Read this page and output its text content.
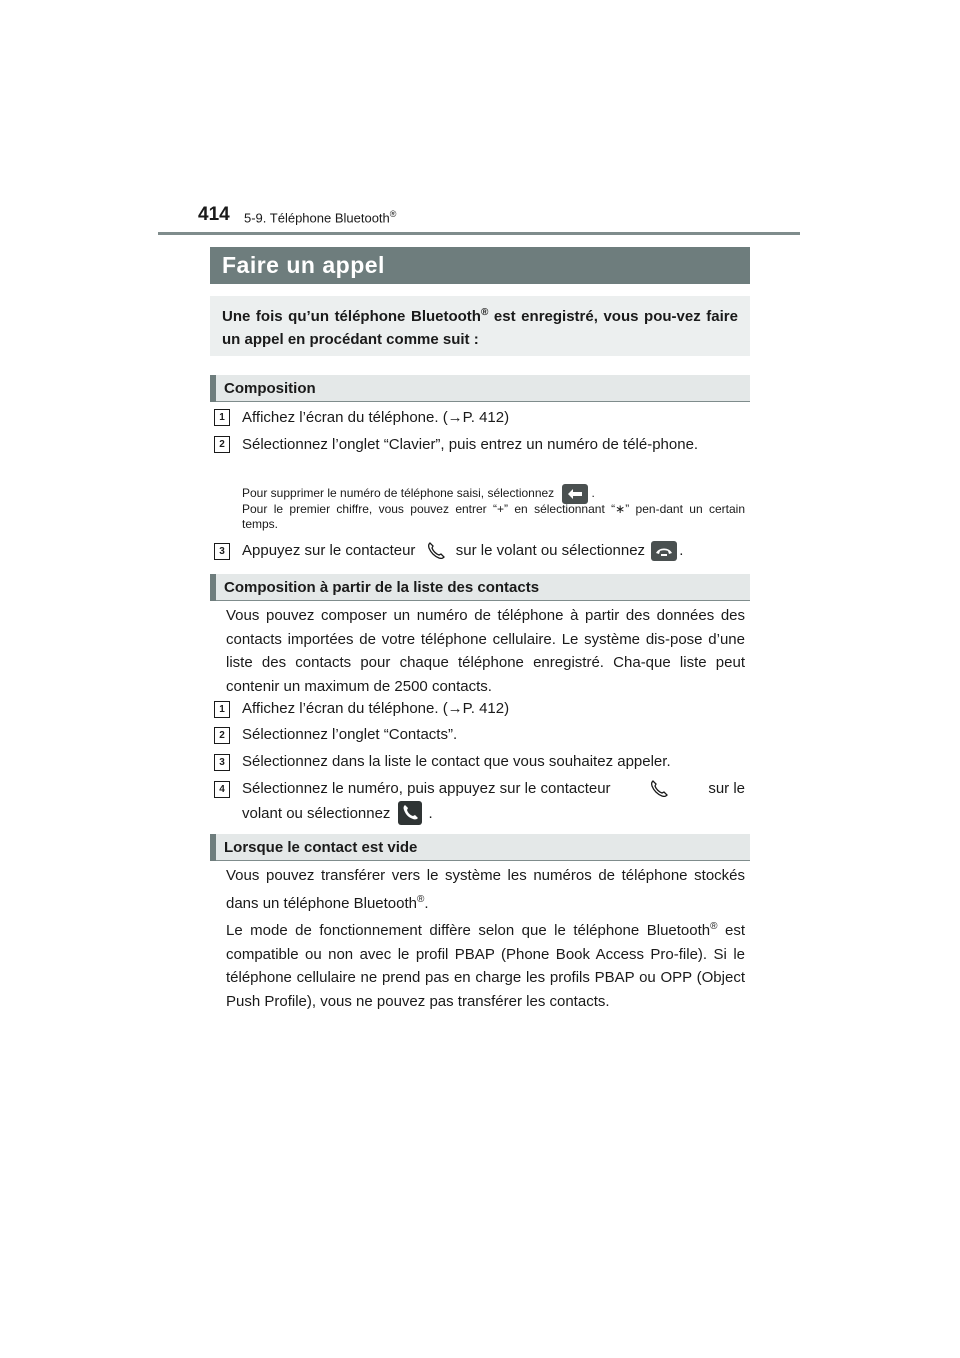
414 5-9. Téléphone Bluetooth®
Faire un appel
Une fois qu’un téléphone Bluetooth® est enregistré, vous pou-vez faire un appel en procédant comme suit :
Composition
1	Affichez l’écran du téléphone. (→P. 412)
2	Sélectionnez l’onglet “Clavier”, puis entrez un numéro de télé-phone.
Pour supprimer le numéro de téléphone saisi, sélectionnez	.
Pour le premier chiffre, vous pouvez entrer “+” en sélectionnant “∗” pen-dant un certain temps.
3	Appuyez sur le contacteur	sur le volant ou sélectionnez .
Composition à partir de la liste des contacts
Vous pouvez composer un numéro de téléphone à partir des données des contacts importées de votre téléphone cellulaire. Le système dis-pose d’une liste des contacts pour chaque téléphone enregistré. Cha-que liste peut contenir un maximum de 2500 contacts.
1	Affichez l’écran du téléphone. (→P. 412)
2	Sélectionnez l’onglet “Contacts”.
3	Sélectionnez dans la liste le contact que vous souhaitez appeler.
4	Sélectionnez le numéro, puis appuyez sur le contacteur	sur le
volant ou sélectionnez	.
Lorsque le contact est vide
Vous pouvez transférer vers le système les numéros de téléphone stockés dans un téléphone Bluetooth®.
Le mode de fonctionnement diffère selon que le téléphone Bluetooth® est compatible ou non avec le profil PBAP (Phone Book Access Pro-file). Si le téléphone cellulaire ne prend pas en charge les profils PBAP ou OPP (Object Push Profile), vous ne pouvez pas transférer les contacts.
